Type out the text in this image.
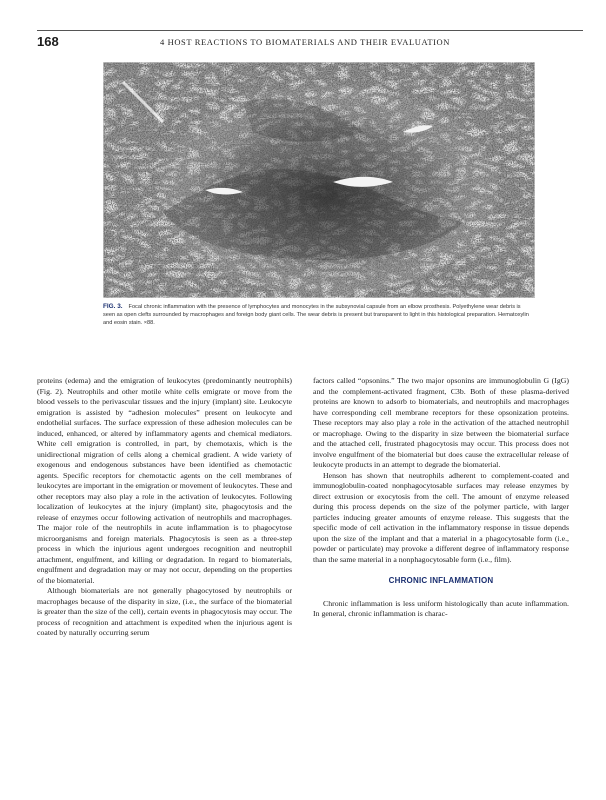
168	4 HOST REACTIONS TO BIOMATERIALS AND THEIR EVALUATION
FIG. 3. Focal chronic inflammation with the presence of lymphocytes and monocytes in the subsynovial capsule from an elbow prosthesis. Polyethylene wear debris is seen as open clefts surrounded by macrophages and foreign body giant cells. The wear debris is present but transparent to light in this histological preparation. Hematoxylin and eosin stain. ×88.

proteins (edema) and the emigration of leukocytes (predominantly neutrophils) (Fig. 2). Neutrophils and other motile white cells emigrate or move from the blood vessels to the perivascular tissues and the injury (implant) site. Leukocyte emigration is assisted by “adhesion molecules” present on leukocyte and endothelial surfaces. The surface expression of these adhesion molecules can be induced, enhanced, or altered by inflammatory agents and chemical mediators. White cell emigration is controlled, in part, by chemotaxis, which is the unidirectional migration of cells along a chemical gradient. A wide variety of exogenous and endogenous substances have been identified as chemotactic agents. Specific receptors for chemotactic agents on the cell membranes of leukocytes are important in the emigration or movement of leukocytes. These and other receptors may also play a role in the activation of leukocytes. Following localization of leukocytes at the injury (implant) site, phagocytosis and the release of enzymes occur following activation of neutrophils and macrophages. The major role of the neutrophils in acute inflammation is to phagocytose microorganisms and foreign materials. Phagocytosis is seen as a three-step process in which the injurious agent undergoes recognition and neutrophil attachment, engulfment, and killing or degradation. In regard to biomaterials, engulfment and degradation may or may not occur, depending on the properties of the biomaterial.

Although biomaterials are not generally phagocytosed by neutrophils or macrophages because of the disparity in size, (i.e., the surface of the biomaterial is greater than the size of the cell), certain events in phagocytosis may occur. The process of recognition and attachment is expedited when the injurious agent is coated by naturally occurring serum

factors called “opsonins.” The two major opsonins are immunoglobulin G (IgG) and the complement-activated fragment, C3b. Both of these plasma-derived proteins are known to adsorb to biomaterials, and neutrophils and macrophages have corresponding cell membrane receptors for these opsonization proteins. These receptors may also play a role in the activation of the attached neutrophil or macrophage. Owing to the disparity in size between the biomaterial surface and the attached cell, frustrated phagocytosis may occur. This process does not involve engulfment of the biomaterial but does cause the extracellular release of leukocyte products in an attempt to degrade the biomaterial.

Henson has shown that neutrophils adherent to complement-coated and immunoglobulin-coated nonphagocytosable surfaces may release enzymes by direct extrusion or exocytosis from the cell. The amount of enzyme released during this process depends on the size of the polymer particle, with larger particles inducing greater amounts of enzyme release. This suggests that the specific mode of cell activation in the inflammatory response in tissue depends upon the size of the implant and that a material in a phagocytosable form (i.e., powder or particulate) may provoke a different degree of inflammatory response than the same material in a nonphagocytosable form (i.e., film).

CHRONIC INFLAMMATION

Chronic inflammation is less uniform histologically than acute inflammation. In general, chronic inflammation is charac-
